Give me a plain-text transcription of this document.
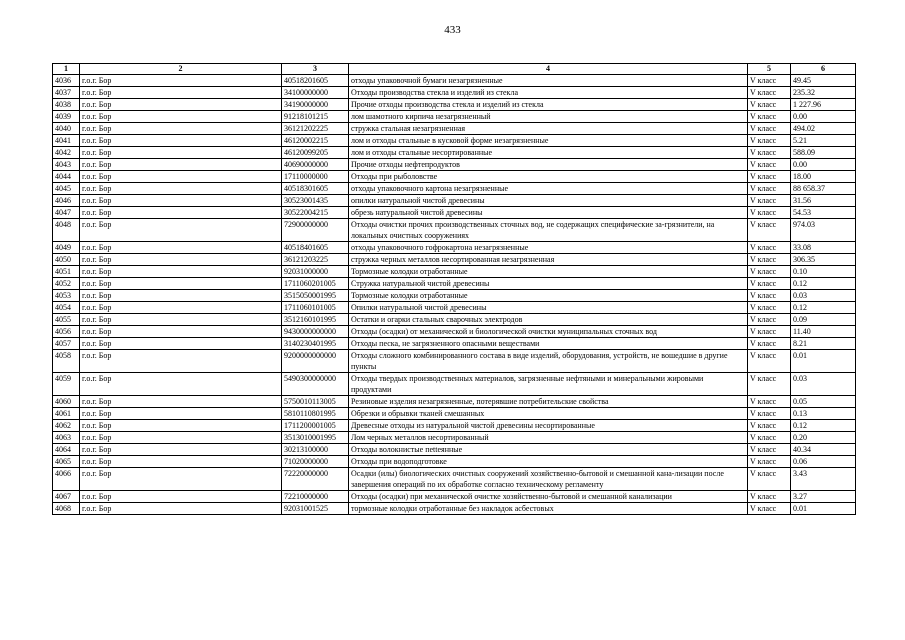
433
1	2	3	4	5	6
4036	г.о.г. Бор	40518201605	отходы упаковочной бумаги незагрязненные	V класс	49.45
4037	г.о.г. Бор	34100000000	Отходы производства стекла и изделий из стекла	V класс	235.32
4038	г.о.г. Бор	34190000000	Прочие отходы производства стекла и изделий из стекла	V класс	1 227.96
4039	г.о.г. Бор	91218101215	лом шамотного кирпича незагрязненный	V класс	0.00
4040	г.о.г. Бор	36121202225	стружка стальная незагрязненная	V класс	494.02
4041	г.о.г. Бор	46120002215	лом и отходы стальные в кусковой форме незагрязненные	V класс	5.21
4042	г.о.г. Бор	46120099205	лом и отходы стальные несортированные	V класс	588.09
4043	г.о.г. Бор	40690000000	Прочие отходы нефтепродуктов	V класс	0.00
4044	г.о.г. Бор	17110000000	Отходы при рыболовстве	V класс	18.00
4045	г.о.г. Бор	40518301605	отходы упаковочного картона незагрязненные	V класс	88 658.37
4046	г.о.г. Бор	30523001435	опилки натуральной чистой древесины	V класс	31.56
4047	г.о.г. Бор	30522004215	обрезь натуральной чистой древесины	V класс	54.53
4048	г.о.г. Бор	72900000000	Отходы очистки прочих производственных сточных вод, не содержащих специфические за-грязнители, на локальных очистных сооружениях	V класс	974.03
4049	г.о.г. Бор	40518401605	отходы упаковочного гофрокартона незагрязненные	V класс	33.08
4050	г.о.г. Бор	36121203225	стружка черных металлов несортированная незагрязненная	V класс	306.35
4051	г.о.г. Бор	92031000000	Тормозные колодки отработанные	V класс	0.10
4052	г.о.г. Бор	1711060201005	Стружка натуральной чистой древесины	V класс	0.12
4053	г.о.г. Бор	3515050001995	Тормозные колодки отработанные	V класс	0.03
4054	г.о.г. Бор	1711060101005	Опилки натуральной чистой древесины	V класс	0.12
4055	г.о.г. Бор	3512160101995	Остатки и огарки стальных сварочных электродов	V класс	0.09
4056	г.о.г. Бор	9430000000000	Отходы (осадки) от механической и биологической очистки муниципальных сточных вод	V класс	11.40
4057	г.о.г. Бор	3140230401995	Отходы песка, не загрязненного опасными веществами	V класс	8.21
4058	г.о.г. Бор	9200000000000	Отходы сложного комбинированного состава в виде изделий, оборудования, устройств, не вошедшие в другие пункты	V класс	0.01
4059	г.о.г. Бор	5490300000000	Отходы твердых производственных материалов, загрязненные нефтяными и минеральными жировыми продуктами	V класс	0.03
4060	г.о.г. Бор	5750010113005	Резиновые изделия незагрязненные, потерявшие потребительские свойства	V класс	0.05
4061	г.о.г. Бор	5810110801995	Обрезки и обрывки тканей смешанных	V класс	0.13
4062	г.о.г. Бор	1711200001005	Древесные отходы из натуральной чистой древесины несортированные	V класс	0.12
4063	г.о.г. Бор	3513010001995	Лом черных металлов несортированный	V класс	0.20
4064	г.о.г. Бор	30213100000	Отходы волокнистые пеtteянные	V класс	40.34
4065	г.о.г. Бор	71020000000	Отходы при водоподготовке	V класс	0.06
4066	г.о.г. Бор	72220000000	Осадки (илы) биологических очистных сооружений хозяйственно-бытовой и смешанной кана-лизации после завершения операций по их обработке согласно техническому регламенту	V класс	3.43
4067	г.о.г. Бор	72210000000	Отходы (осадки) при механической очистке хозяйственно-бытовой и смешанной канализации	V класс	3.27
4068	г.о.г. Бор	92031001525	тормозные колодки отработанные без накладок асбестовых	V класс	0.01
